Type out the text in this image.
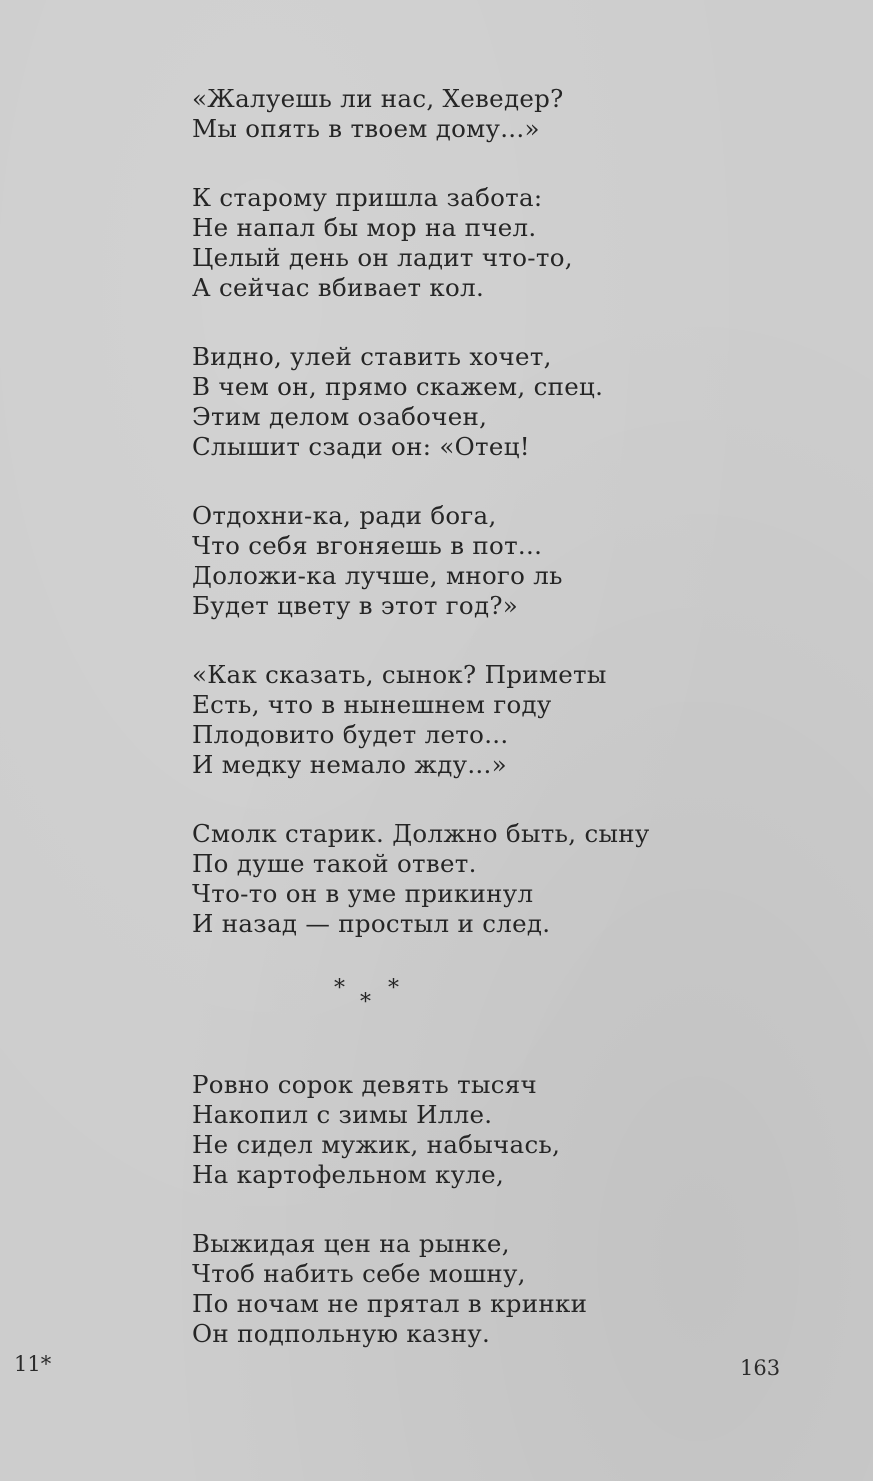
«Жалуешь ли нас, Хеведер?
Мы опять в твоем дому...»
К старому пришла забота:
Не напал бы мор на пчел.
Целый день он ладит что-то,
А сейчас вбивает кол.
Видно, улей ставить хочет,
В чем он, прямо скажем, спец.
Этим делом озабочен,
Слышит сзади он: «Отец!
Отдохни-ка, ради бога,
Что себя вгоняешь в пот...
Доложи-ка лучше, много ль
Будет цвету в этот год?»
«Как сказать, сынок? Приметы
Есть, что в нынешнем году
Плодовито будет лето...
И медку немало жду...»
Смолк старик. Должно быть, сыну
По душе такой ответ.
Что-то он в уме прикинул
И назад — простыл и след.
*
*
*
Ровно сорок девять тысяч
Накопил с зимы Илле.
Не сидел мужик, набычась,
На картофельном куле,
Выжидая цен на рынке,
Чтоб набить себе мошну,
По ночам не прятал в кринки
Он подпольную казну.
11*	163
